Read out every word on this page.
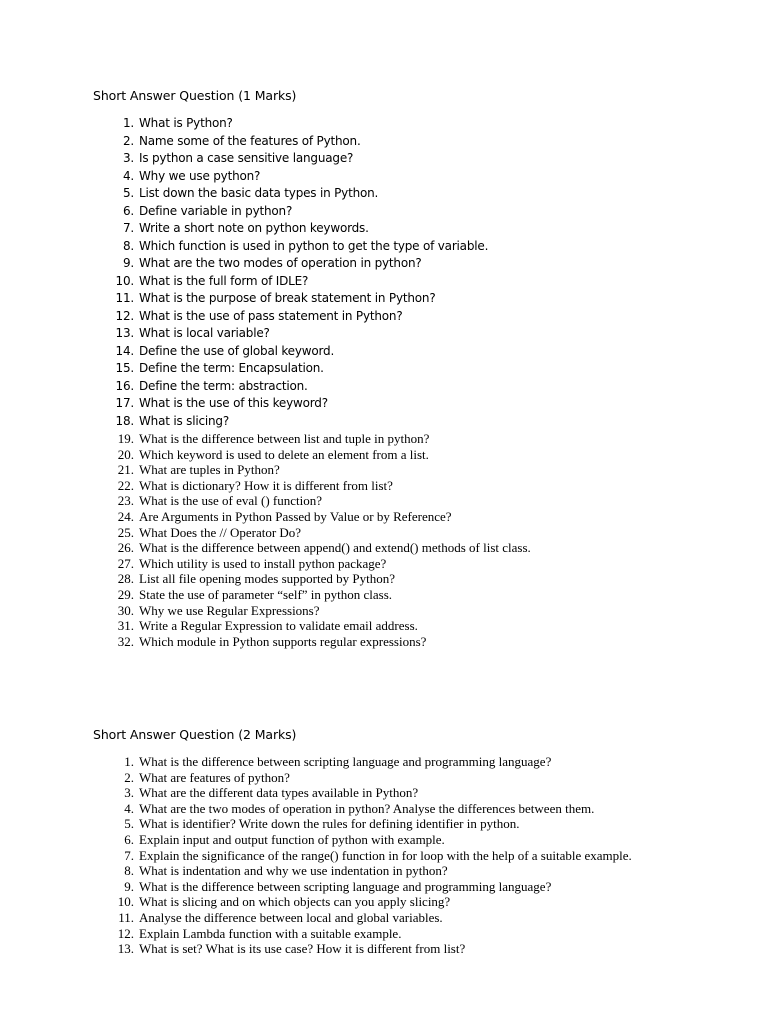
Short Answer Question (1 Marks)
1. What is Python?
2. Name some of the features of Python.
3. Is python a case sensitive language?
4. Why we use python?
5. List down the basic data types in Python.
6. Define variable in python?
7. Write a short note on python keywords.
8. Which function is used in python to get the type of variable.
9. What are the two modes of operation in python?
10. What is the full form of IDLE?
11. What is the purpose of break statement in Python?
12. What is the use of pass statement in Python?
13. What is local variable?
14. Define the use of global keyword.
15. Define the term: Encapsulation.
16. Define the term: abstraction.
17. What is the use of this keyword?
18. What is slicing?
19. What is the difference between list and tuple in python?
20. Which keyword is used to delete an element from a list.
21. What are tuples in Python?
22. What is dictionary? How it is different from list?
23. What is the use of eval () function?
24. Are Arguments in Python Passed by Value or by Reference?
25. What Does the // Operator Do?
26. What is the difference between append() and extend() methods of list class.
27. Which utility is used to install python package?
28. List all file opening modes supported by Python?
29. State the use of parameter “self” in python class.
30. Why we use Regular Expressions?
31. Write a Regular Expression to validate email address.
32. Which module in Python supports regular expressions?
Short Answer Question (2 Marks)
1. What is the difference between scripting language and programming language?
2. What are features of python?
3. What are the different data types available in Python?
4. What are the two modes of operation in python? Analyse the differences between them.
5. What is identifier? Write down the rules for defining identifier in python.
6. Explain input and output function of python with example.
7. Explain the significance of the range() function in for loop with the help of a suitable example.
8. What is indentation and why we use indentation in python?
9. What is the difference between scripting language and programming language?
10. What is slicing and on which objects can you apply slicing?
11. Analyse the difference between local and global variables.
12. Explain Lambda function with a suitable example.
13. What is set? What is its use case? How it is different from list?
